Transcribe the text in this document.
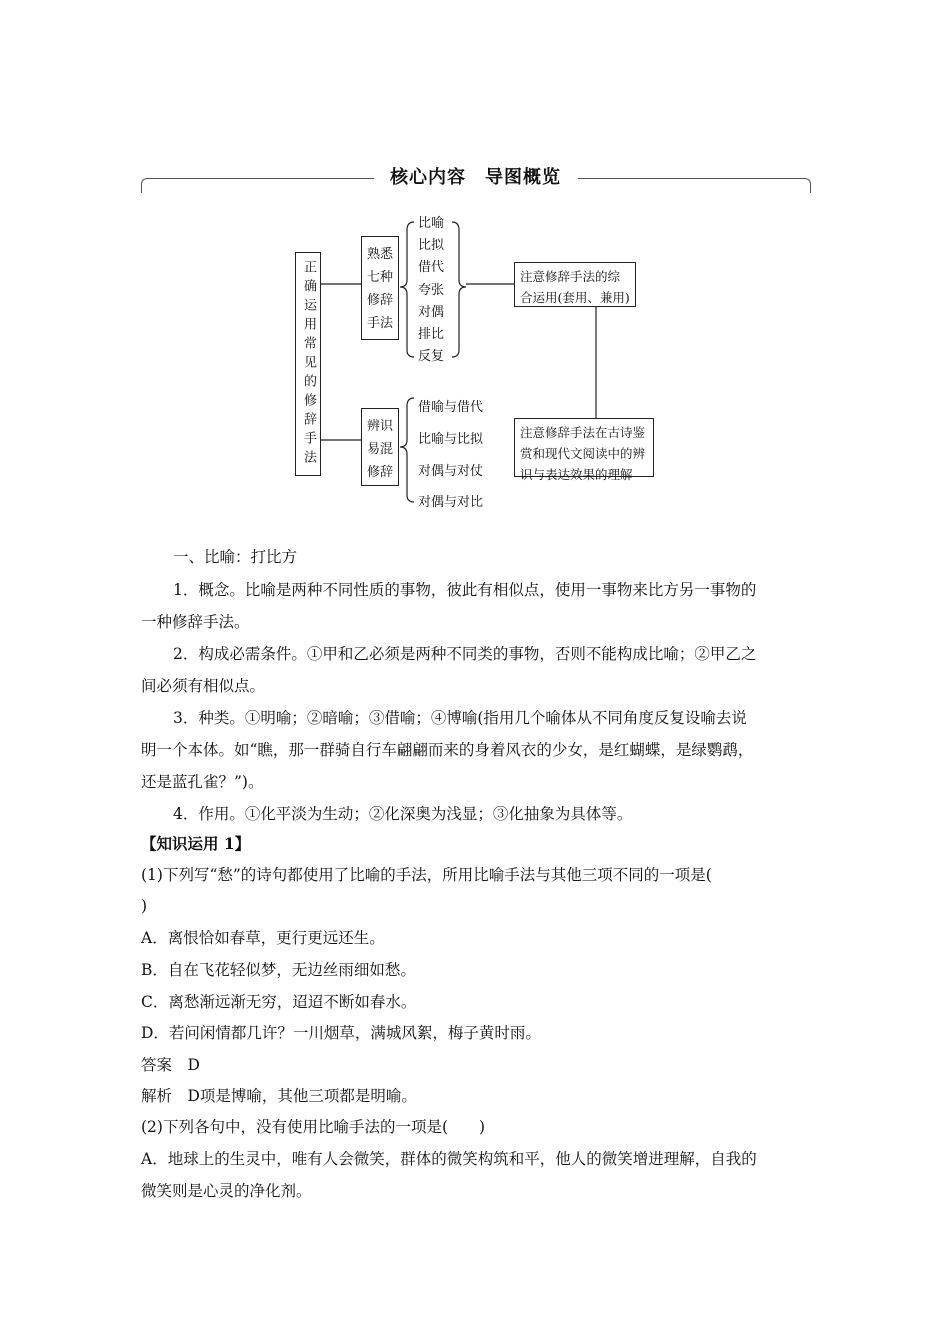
核心内容　导图概览
正确运用常见的修辞手法
熟悉七种修辞手法
辨识易混修辞
比喻
比拟
借代
夸张
对偶
排比
反复
借喻与借代
比喻与比拟
对偶与对仗
对偶与对比
注意修辞手法的综合运用(套用、兼用)
注意修辞手法在古诗鉴赏和现代文阅读中的辨识与表达效果的理解
一、比喻：打比方
1．概念。比喻是两种不同性质的事物，彼此有相似点，使用一事物来比方另一事物的
一种修辞手法。
2．构成必需条件。①甲和乙必须是两种不同类的事物，否则不能构成比喻；②甲乙之
间必须有相似点。
3．种类。①明喻；②暗喻；③借喻；④博喻(指用几个喻体从不同角度反复设喻去说
明一个本体。如“瞧，那一群骑自行车翩翩而来的身着风衣的少女，是红蝴蝶，是绿鹦鹉，
还是蓝孔雀？”)。
4．作用。①化平淡为生动；②化深奥为浅显；③化抽象为具体等。
【知识运用 1】
(1)下列写“愁”的诗句都使用了比喻的手法，所用比喻手法与其他三项不同的一项是(
)
A．离恨恰如春草，更行更远还生。
B．自在飞花轻似梦，无边丝雨细如愁。
C．离愁渐远渐无穷，迢迢不断如春水。
D．若问闲情都几许？一川烟草，满城风絮，梅子黄时雨。
答案　D
解析　D项是博喻，其他三项都是明喻。
(2)下列各句中，没有使用比喻手法的一项是(　　)
A．地球上的生灵中，唯有人会微笑，群体的微笑构筑和平，他人的微笑增进理解，自我的
微笑则是心灵的净化剂。
